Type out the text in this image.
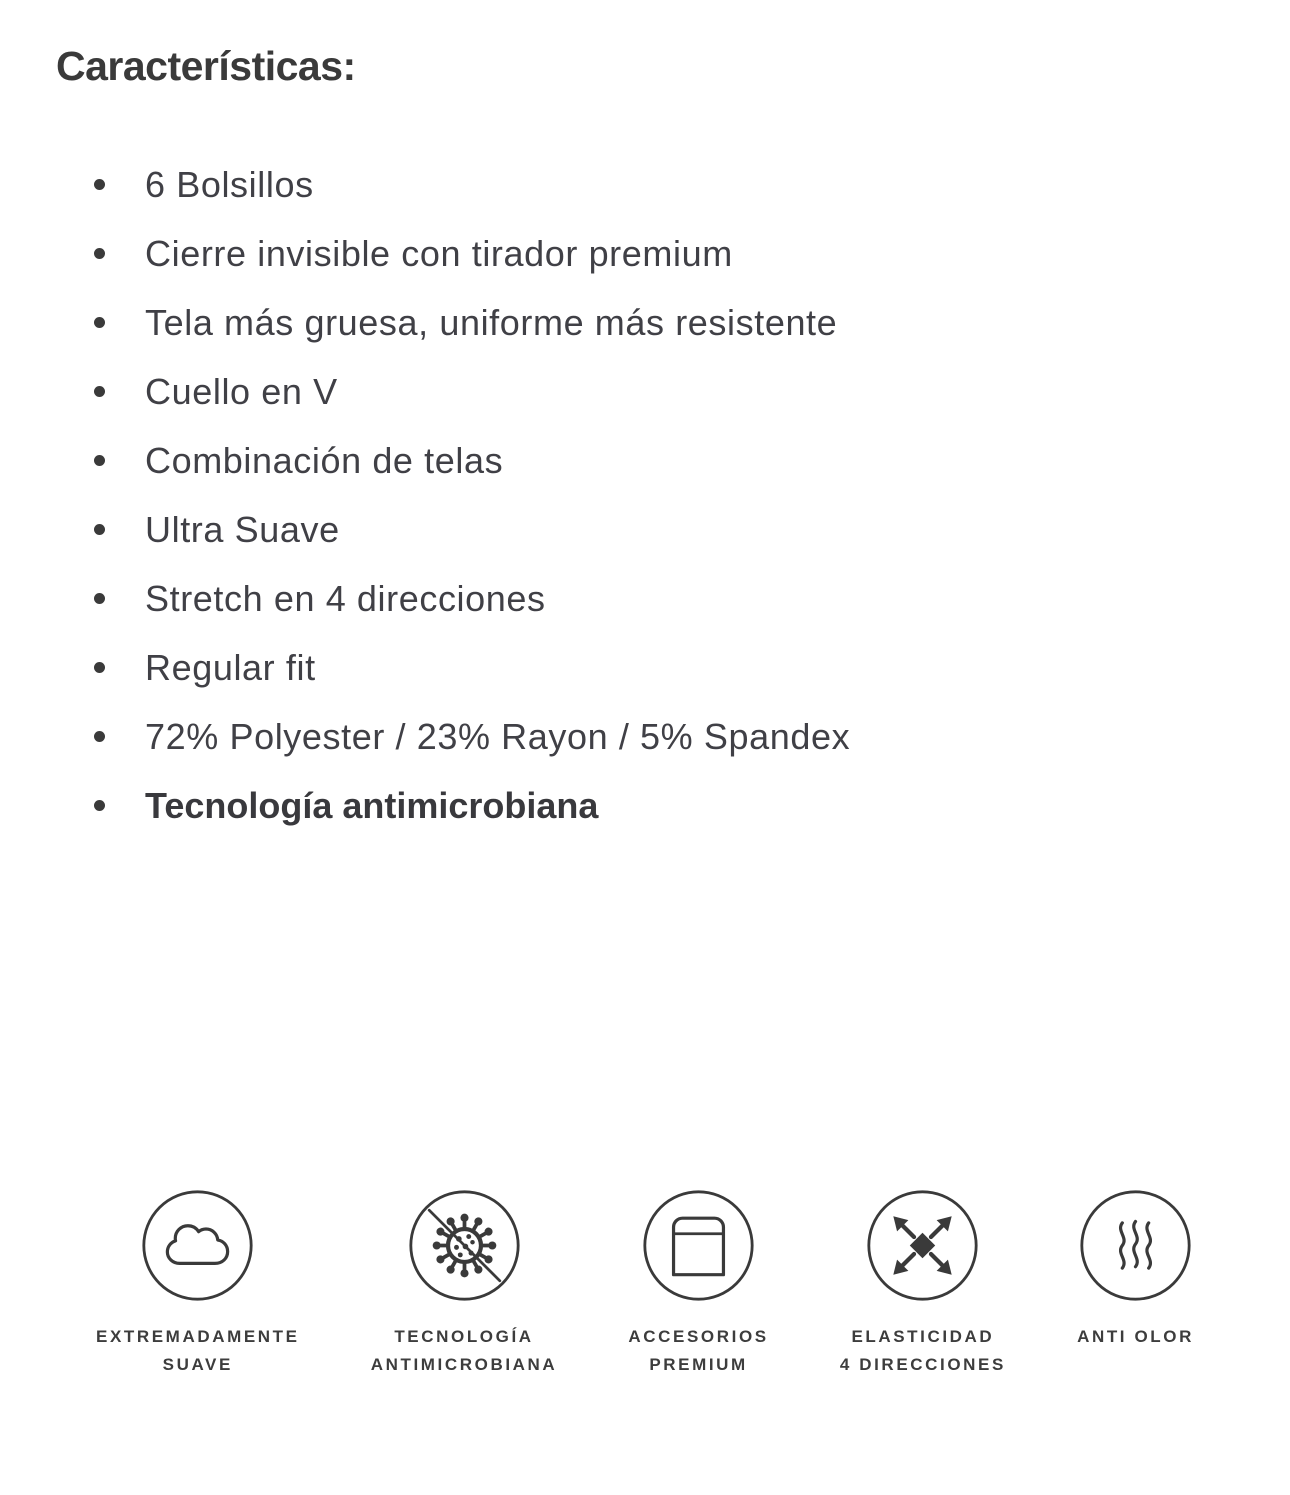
Características:
6 Bolsillos
Cierre invisible con tirador premium
Tela más gruesa, uniforme más resistente
Cuello en V
Combinación de telas
Ultra Suave
Stretch en 4 direcciones
Regular fit
72% Polyester / 23% Rayon / 5% Spandex
Tecnología antimicrobiana
EXTREMADAMENTE
SUAVE
TECNOLOGÍA
ANTIMICROBIANA
ACCESORIOS
PREMIUM
ELASTICIDAD
4 DIRECCIONES
ANTI OLOR
